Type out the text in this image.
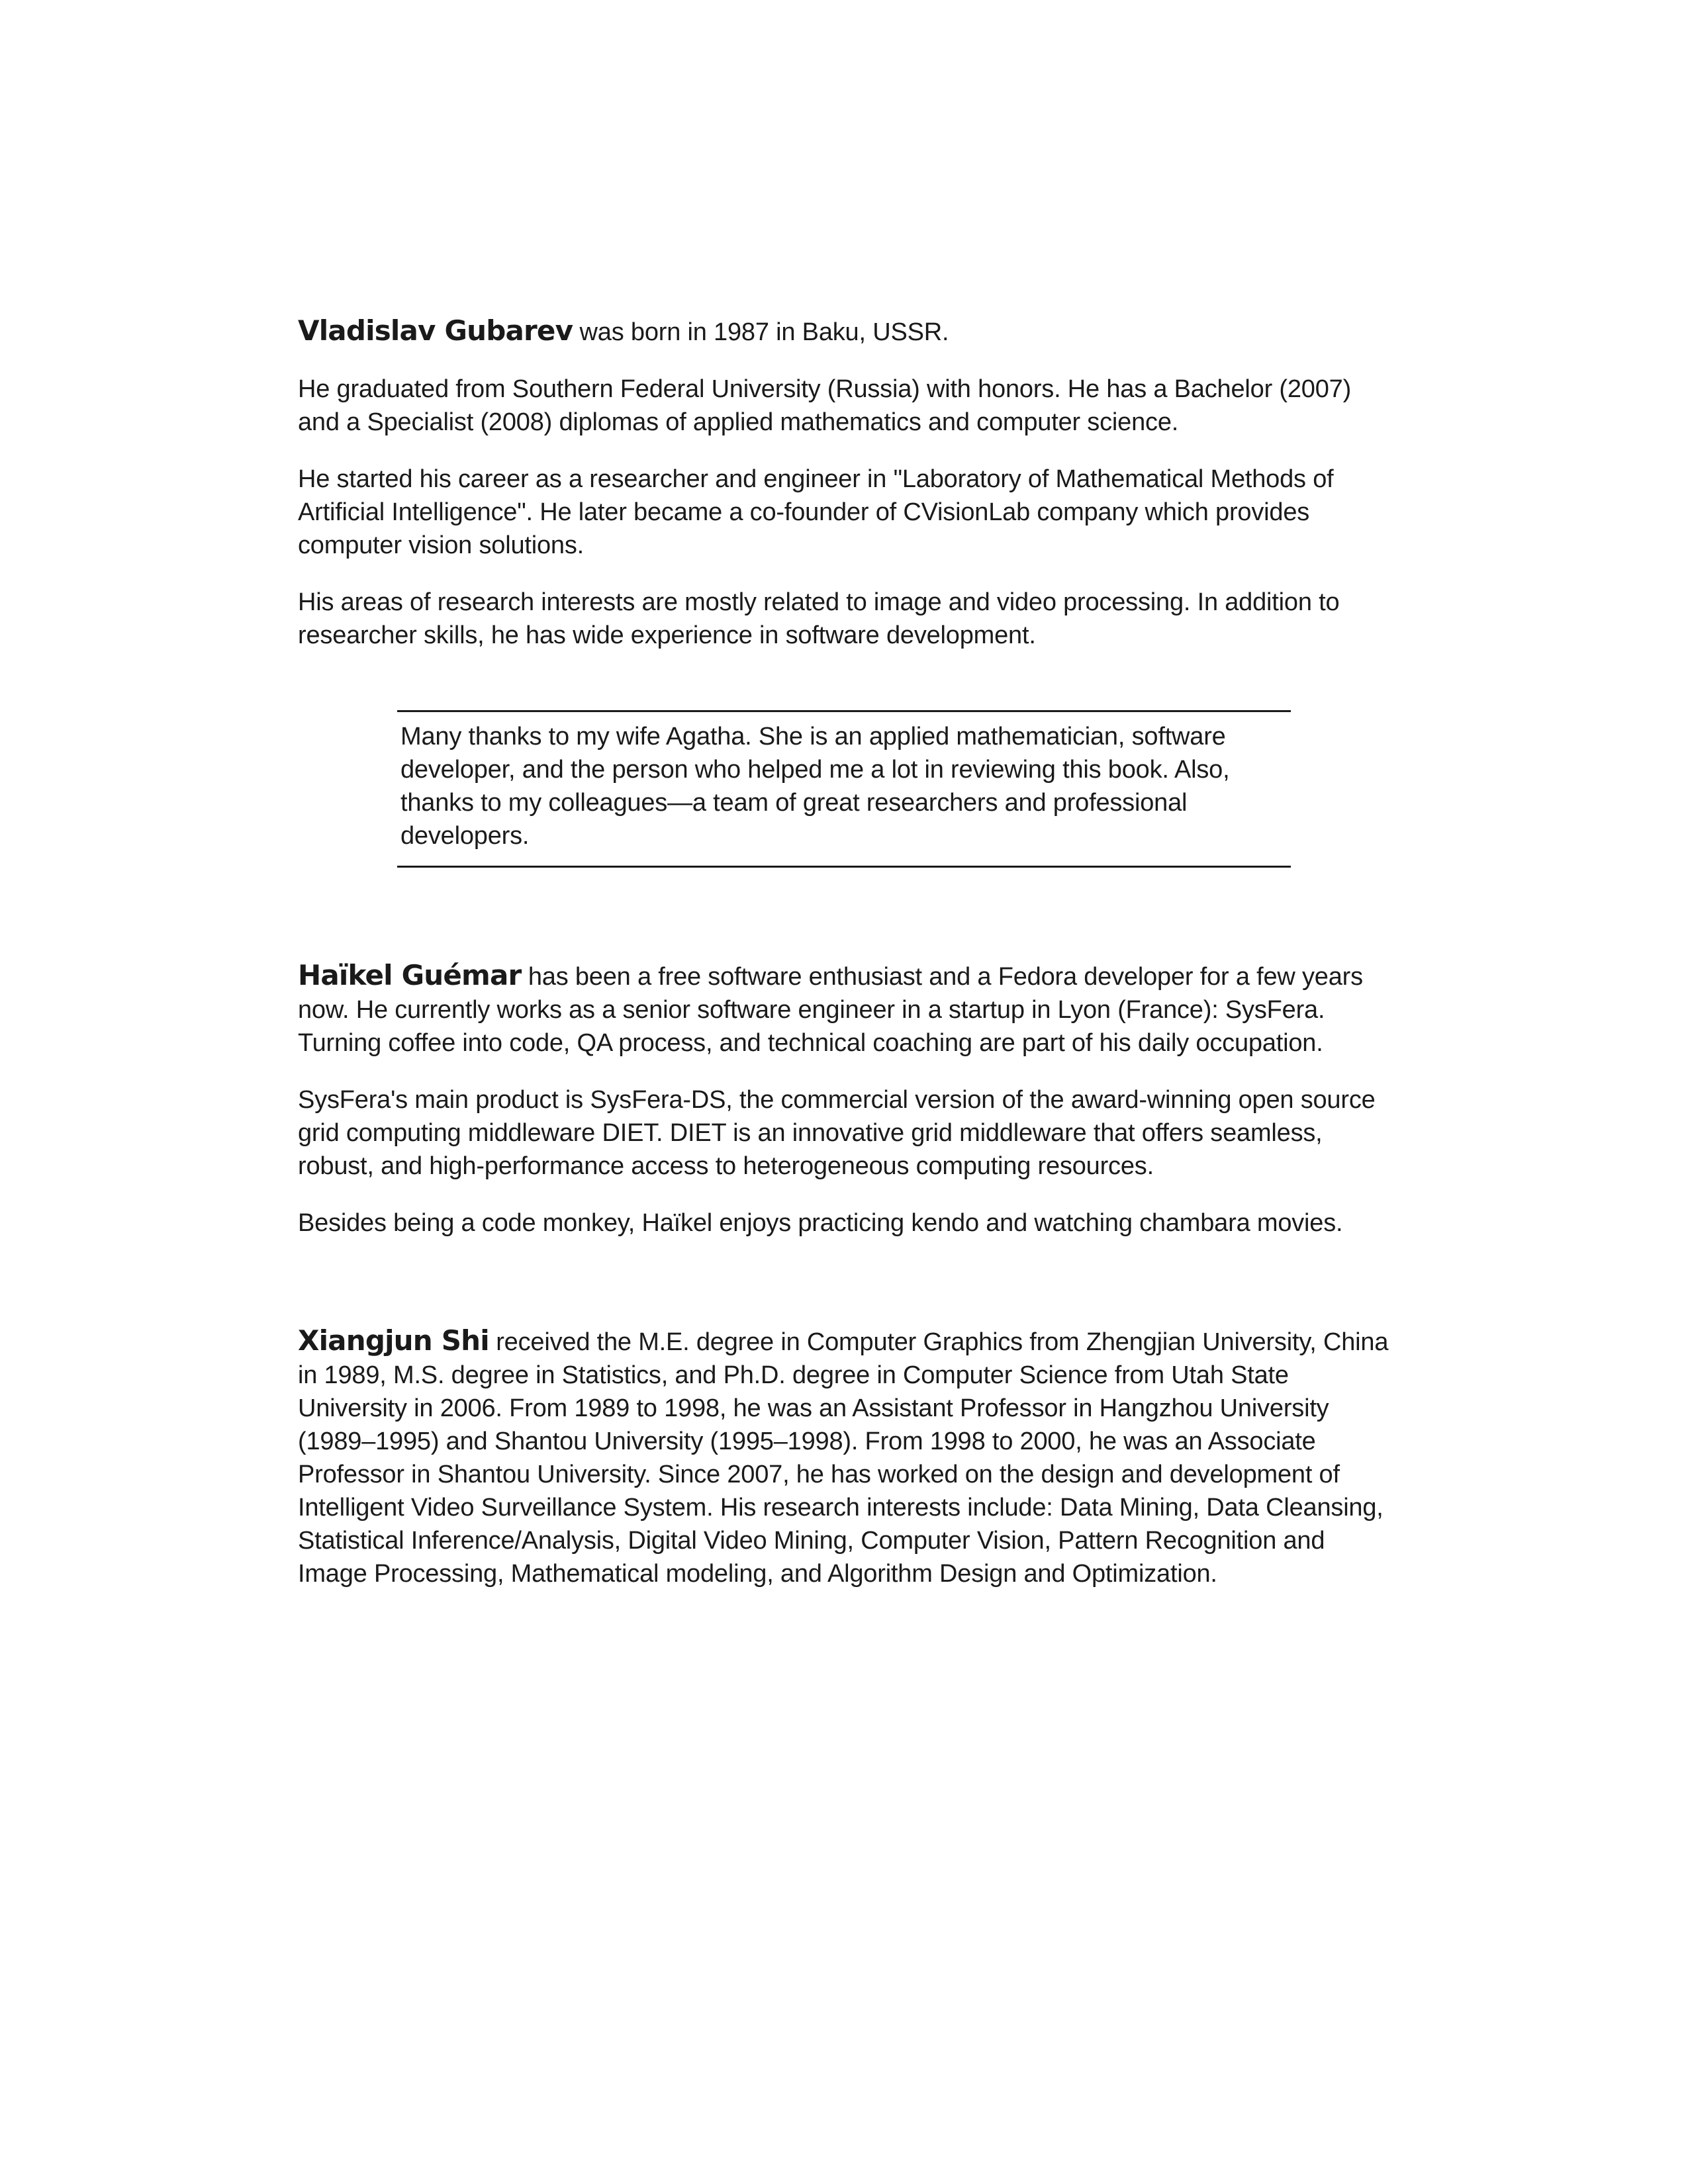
Vladislav Gubarev was born in 1987 in Baku, USSR.

He graduated from Southern Federal University (Russia) with honors. He has a Bachelor (2007) and a Specialist (2008) diplomas of applied mathematics and computer science.

He started his career as a researcher and engineer in "Laboratory of Mathematical Methods of Artificial Intelligence". He later became a co-founder of CVisionLab company which provides computer vision solutions.

His areas of research interests are mostly related to image and video processing. In addition to researcher skills, he has wide experience in software development.

Many thanks to my wife Agatha. She is an applied mathematician, software developer, and the person who helped me a lot in reviewing this book. Also, thanks to my colleagues—a team of great researchers and professional developers.

Haïkel Guémar has been a free software enthusiast and a Fedora developer for a few years now. He currently works as a senior software engineer in a startup in Lyon (France): SysFera. Turning coffee into code, QA process, and technical coaching are part of his daily occupation.

SysFera's main product is SysFera-DS, the commercial version of the award-winning open source grid computing middleware DIET. DIET is an innovative grid middleware that offers seamless, robust, and high-performance access to heterogeneous computing resources.

Besides being a code monkey, Haïkel enjoys practicing kendo and watching chambara movies.

Xiangjun Shi received the M.E. degree in Computer Graphics from Zhengjian University, China in 1989, M.S. degree in Statistics, and Ph.D. degree in Computer Science from Utah State University in 2006. From 1989 to 1998, he was an Assistant Professor in Hangzhou University (1989–1995) and Shantou University (1995–1998). From 1998 to 2000, he was an Associate Professor in Shantou University. Since 2007, he has worked on the design and development of Intelligent Video Surveillance System. His research interests include: Data Mining, Data Cleansing, Statistical Inference/Analysis, Digital Video Mining, Computer Vision, Pattern Recognition and Image Processing, Mathematical modeling, and Algorithm Design and Optimization.
